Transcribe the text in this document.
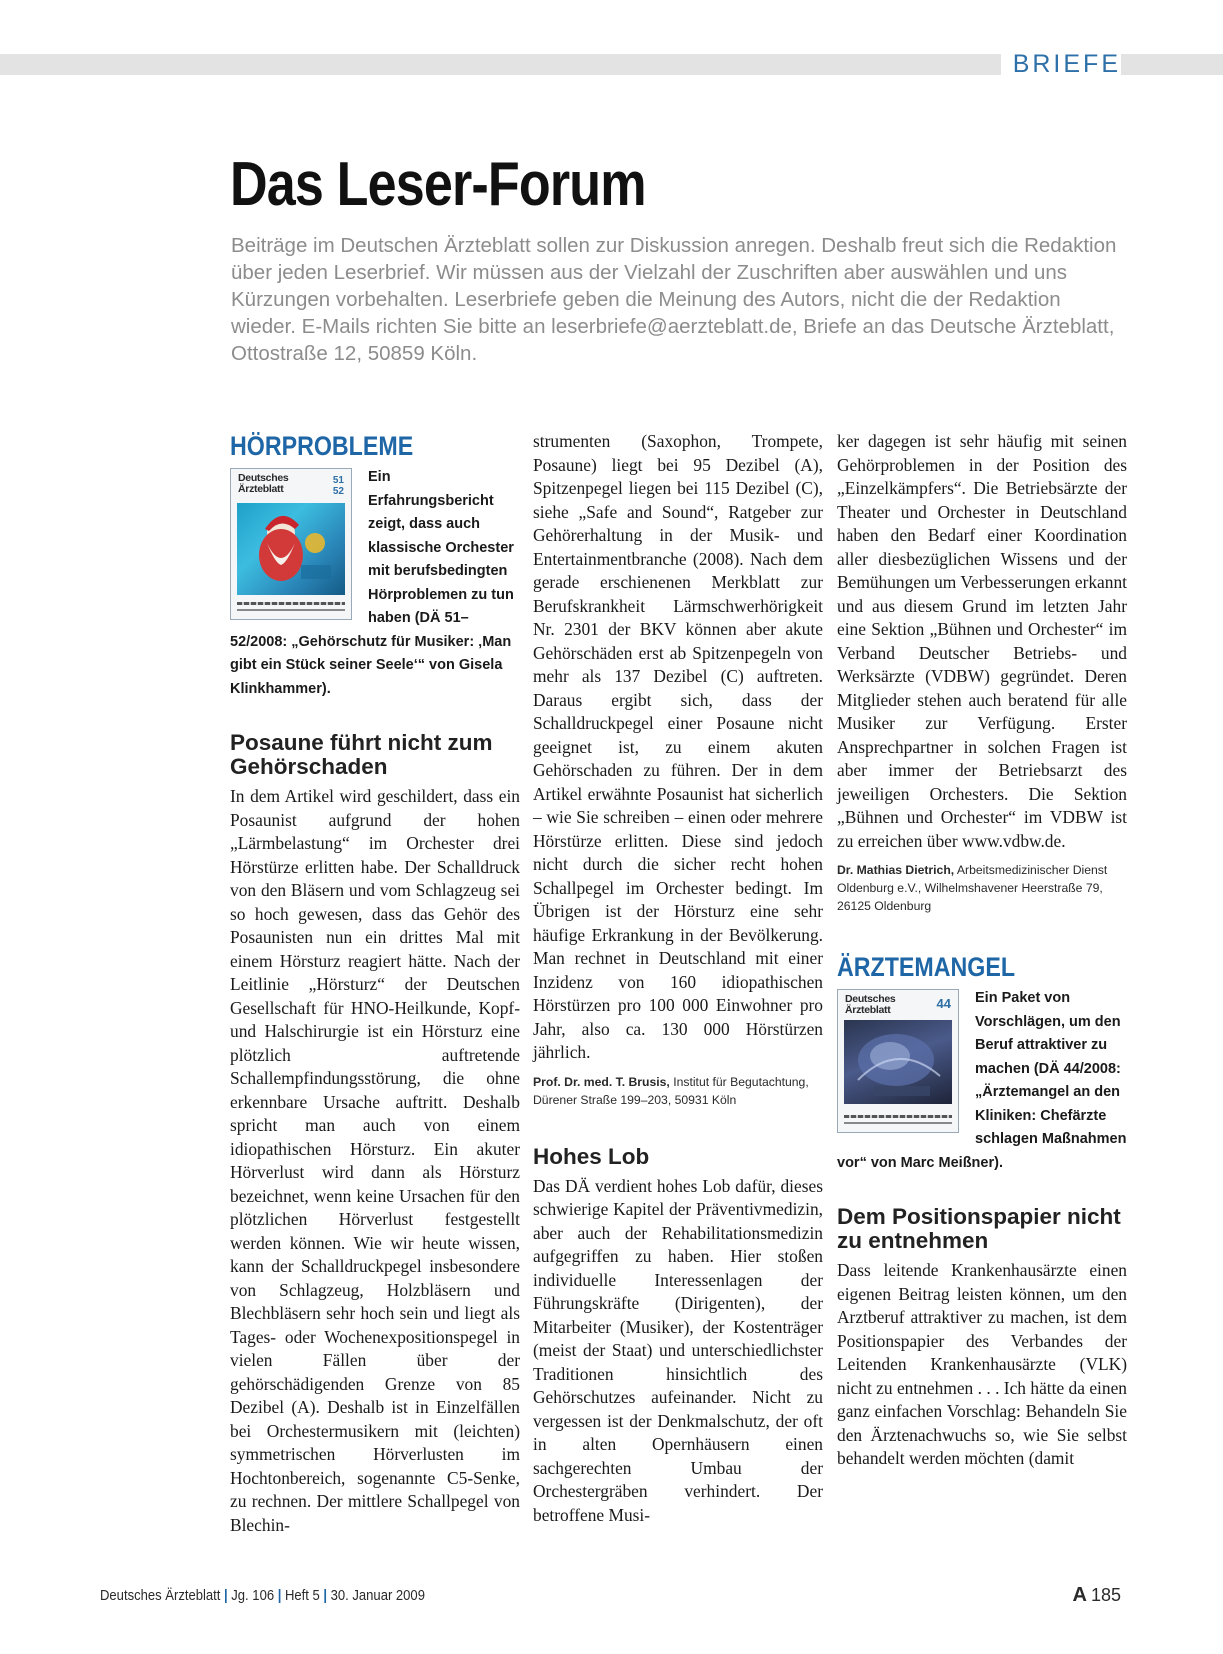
BRIEFE
Das Leser-Forum

Beiträge im Deutschen Ärzteblatt sollen zur Diskussion anregen. Deshalb freut sich die Redaktion über jeden Leserbrief. Wir müssen aus der Vielzahl der Zuschriften aber auswählen und uns Kürzungen vorbehalten. Leserbriefe geben die Meinung des Autors, nicht die der Redaktion wieder. E-Mails richten Sie bitte an leserbriefe@aerzteblatt.de, Briefe an das Deutsche Ärzteblatt, Ottostraße 12, 50859 Köln.

HÖRPROBLEME
Deutsches Ärzteblatt
51
52

Ein Erfahrungsbericht zeigt, dass auch klassische Orchester mit berufsbedingten Hörproblemen zu tun haben (DÄ 51–52/2008: „Gehörschutz für Musiker: ‚Man gibt ein Stück seiner Seele‘“ von Gisela Klinkhammer).

Posaune führt nicht zum Gehörschaden

In dem Artikel wird geschildert, dass ein Posaunist aufgrund der hohen „Lärmbelastung“ im Orchester drei Hörstürze erlitten habe. Der Schalldruck von den Bläsern und vom Schlagzeug sei so hoch gewesen, dass das Gehör des Posaunisten nun ein drittes Mal mit einem Hörsturz reagiert hätte. Nach der Leitlinie „Hörsturz“ der Deutschen Gesellschaft für HNO-Heilkunde, Kopf- und Halschirurgie ist ein Hörsturz eine plötzlich auftretende Schallempfindungsstörung, die ohne erkennbare Ursache auftritt. Deshalb spricht man auch von einem idiopathischen Hörsturz. Ein akuter Hörverlust wird dann als Hörsturz bezeichnet, wenn keine Ursachen für den plötzlichen Hörverlust festgestellt werden können. Wie wir heute wissen, kann der Schalldruckpegel insbesondere von Schlagzeug, Holzbläsern und Blechbläsern sehr hoch sein und liegt als Tages- oder Wochenexpositionspegel in vielen Fällen über der gehörschädigenden Grenze von 85 Dezibel (A). Deshalb ist in Einzelfällen bei Orchestermusikern mit (leichten) symmetrischen Hörverlusten im Hochtonbereich, sogenannte C5-Senke, zu rechnen. Der mittlere Schallpegel von Blechin-

strumenten (Saxophon, Trompete, Posaune) liegt bei 95 Dezibel (A), Spitzenpegel liegen bei 115 Dezibel (C), siehe „Safe and Sound“, Ratgeber zur Gehörerhaltung in der Musik- und Entertainmentbranche (2008). Nach dem gerade erschienenen Merkblatt zur Berufskrankheit Lärmschwerhörigkeit Nr. 2301 der BKV können aber akute Gehörschäden erst ab Spitzenpegeln von mehr als 137 Dezibel (C) auftreten. Daraus ergibt sich, dass der Schalldruckpegel einer Posaune nicht geeignet ist, zu einem akuten Gehörschaden zu führen. Der in dem Artikel erwähnte Posaunist hat sicherlich – wie Sie schreiben – einen oder mehrere Hörstürze erlitten. Diese sind jedoch nicht durch die sicher recht hohen Schallpegel im Orchester bedingt. Im Übrigen ist der Hörsturz eine sehr häufige Erkrankung in der Bevölkerung. Man rechnet in Deutschland mit einer Inzidenz von 160 idiopathischen Hörstürzen pro 100 000 Einwohner pro Jahr, also ca. 130 000 Hörstürzen jährlich.

Prof. Dr. med. T. Brusis, Institut für Begutachtung, Dürener Straße 199–203, 50931 Köln

Hohes Lob

Das DÄ verdient hohes Lob dafür, dieses schwierige Kapitel der Präventivmedizin, aber auch der Rehabilitationsmedizin aufgegriffen zu haben. Hier stoßen individuelle Interessenlagen der Führungskräfte (Dirigenten), der Mitarbeiter (Musiker), der Kostenträger (meist der Staat) und unterschiedlichster Traditionen hinsichtlich des Gehörschutzes aufeinander. Nicht zu vergessen ist der Denkmalschutz, der oft in alten Opernhäusern einen sachgerechten Umbau der Orchestergräben verhindert. Der betroffene Musi-

ker dagegen ist sehr häufig mit seinen Gehörproblemen in der Position des „Einzelkämpfers“. Die Betriebsärzte der Theater und Orchester in Deutschland haben den Bedarf einer Koordination aller diesbezüglichen Wissens und der Bemühungen um Verbesserungen erkannt und aus diesem Grund im letzten Jahr eine Sektion „Bühnen und Orchester“ im Verband Deutscher Betriebs- und Werksärzte (VDBW) gegründet. Deren Mitglieder stehen auch beratend für alle Musiker zur Verfügung. Erster Ansprechpartner in solchen Fragen ist aber immer der Betriebsarzt des jeweiligen Orchesters. Die Sektion „Bühnen und Orchester“ im VDBW ist zu erreichen über www.vdbw.de.

Dr. Mathias Dietrich, Arbeitsmedizinischer Dienst Oldenburg e.V., Wilhelmshavener Heerstraße 79, 26125 Oldenburg

ÄRZTEMANGEL
Deutsches Ärzteblatt	44	Ein Paket von Vorschlägen, um den Beruf attraktiver zu machen (DÄ 44/2008: „Ärztemangel an den Kliniken: Chefärzte schlagen Maßnahmen vor“ von Marc Meißner).

Dem Positionspapier nicht zu entnehmen

Dass leitende Krankenhausärzte einen eigenen Beitrag leisten können, um den Arztberuf attraktiver zu machen, ist dem Positionspapier des Verbandes der Leitenden Krankenhausärzte (VLK) nicht zu entnehmen . . . Ich hätte da einen ganz einfachen Vorschlag: Behandeln Sie den Ärztenachwuchs so, wie Sie selbst behandelt werden möchten (damit

Deutsches Ärzteblatt | Jg. 106 | Heft 5 | 30. Januar 2009	A 185
